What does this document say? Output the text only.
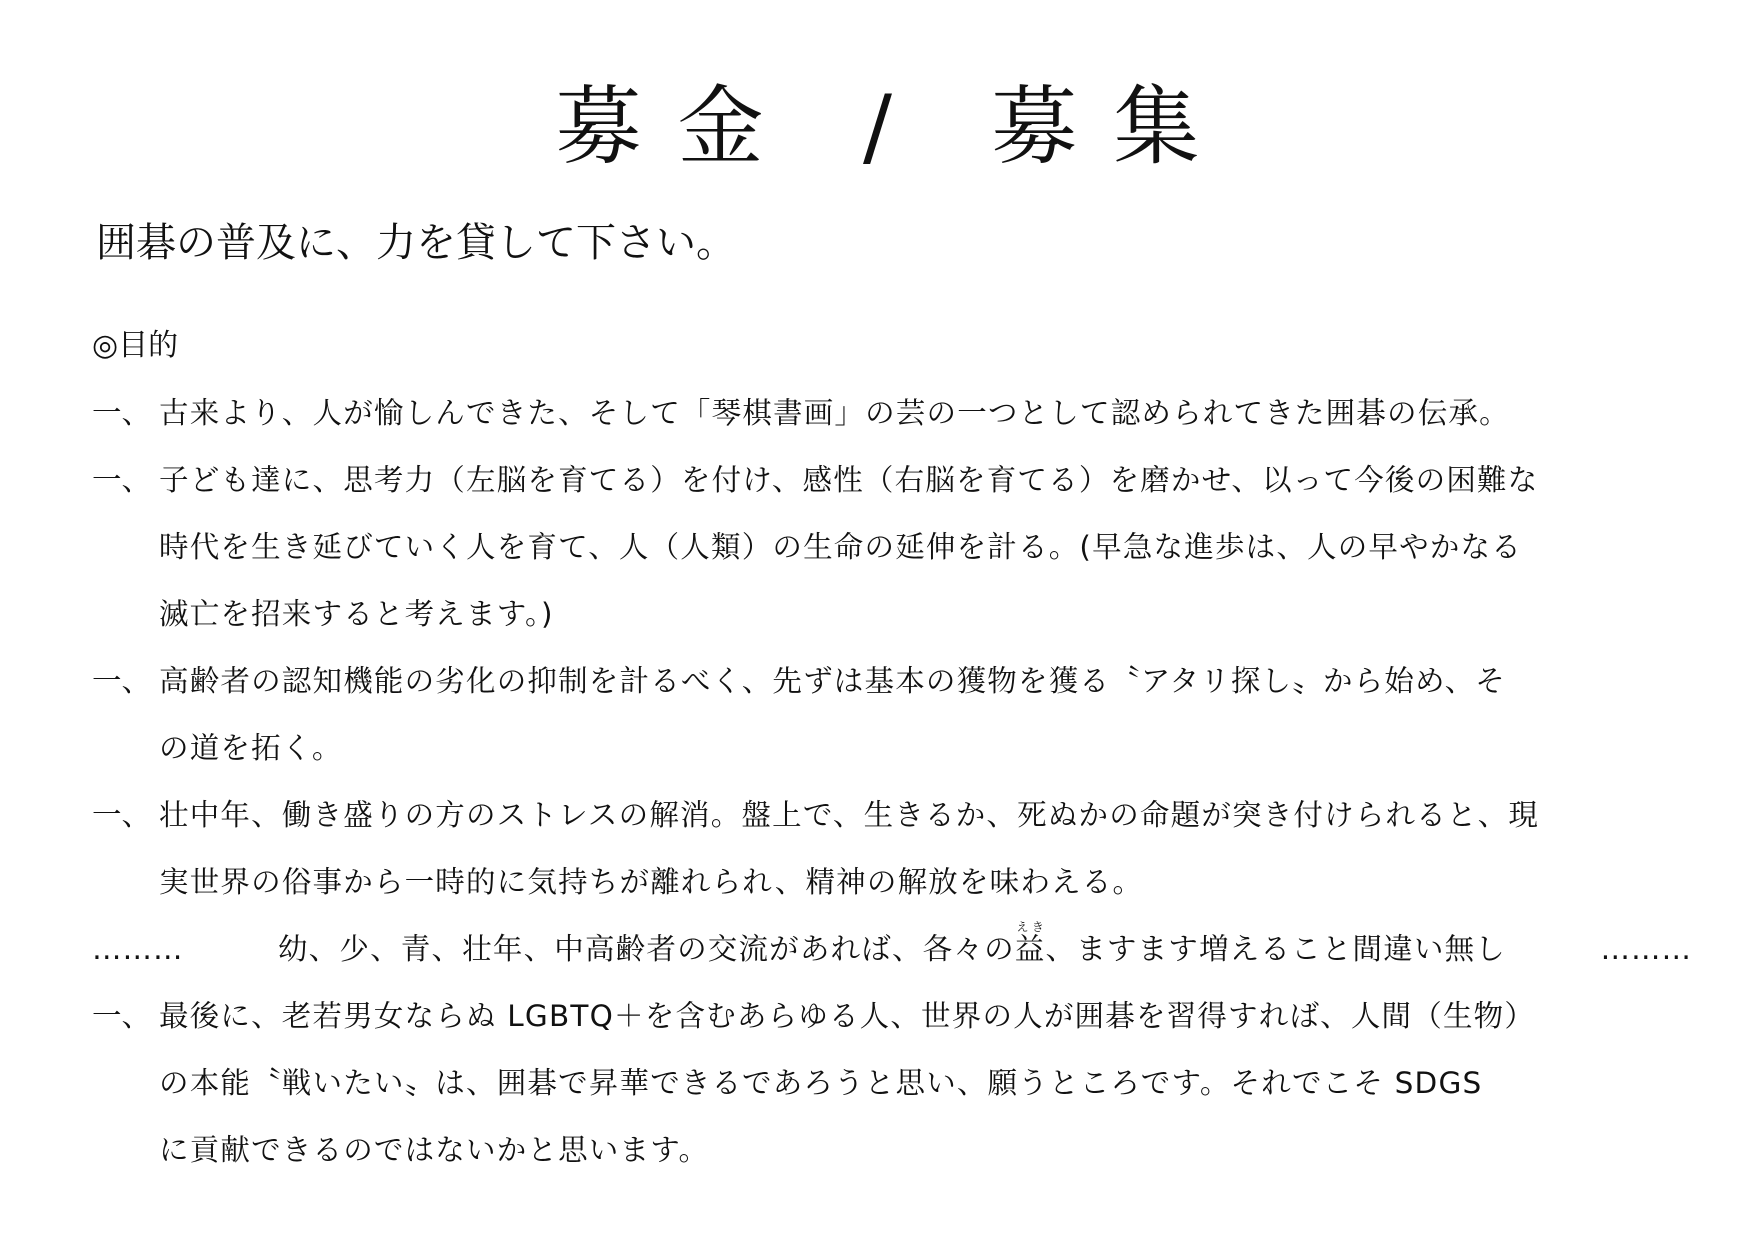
募金 / 募集
囲碁の普及に、力を貸して下さい。
◎目的
一、 古来より、人が愉しんできた、そして「琴棋書画」の芸の一つとして認められてきた囲碁の伝承。
一、 子ども達に、思考力（左脳を育てる）を付け、感性（右脳を育てる）を磨かせ、以って今後の困難な
時代を生き延びていく人を育て、人（人類）の生命の延伸を計る。(早急な進歩は、人の早やかなる
滅亡を招来すると考えます。)
一、 高齢者の認知機能の劣化の抑制を計るべく、先ずは基本の獲物を獲る〝アタリ探し〟から始め、そ
の道を拓く。
一、 壮中年、働き盛りの方のストレスの解消。盤上で、生きるか、死ぬかの命題が突き付けられると、現
実世界の俗事から一時的に気持ちが離れられ、精神の解放を味わえる。
………	幼、少、青、壮年、中高齢者の交流があれば、各々の益えき、ますます増えること間違い無し	………
一、 最後に、老若男女ならぬ LGBTQ＋を含むあらゆる人、世界の人が囲碁を習得すれば、人間（生物）
の本能〝戦いたい〟は、囲碁で昇華できるであろうと思い、願うところです。それでこそ SDGS
に貢献できるのではないかと思います。
